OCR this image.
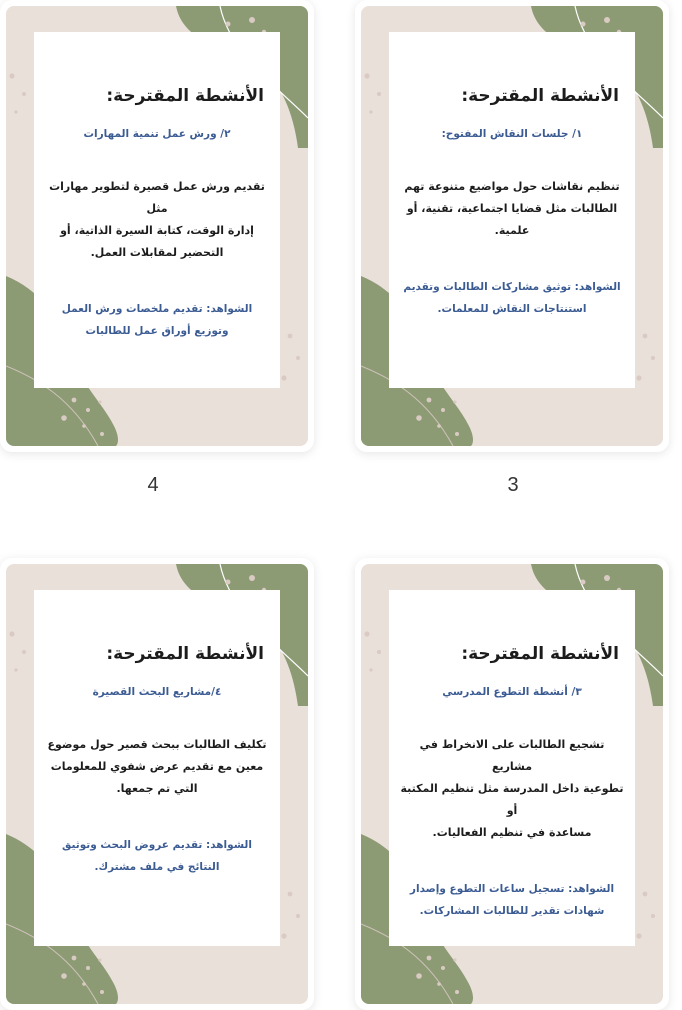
الأنشطة المقترحة:
١/ جلسات النقاش المفتوح:
تنظيم نقاشات حول مواضيع متنوعة تهم
الطالبات مثل قضايا اجتماعية، تقنية، أو
علمية.
الشواهد: توثيق مشاركات الطالبات وتقديم
استنتاجات النقاش للمعلمات.
الأنشطة المقترحة:
٢/ ورش عمل تنمية المهارات
تقديم ورش عمل قصيرة لتطوير مهارات مثل
إدارة الوقت، كتابة السيرة الذاتية، أو
التحضير لمقابلات العمل.
الشواهد: تقديم ملخصات ورش العمل
وتوزيع أوراق عمل للطالبات
4	3
الأنشطة المقترحة:
٣/ أنشطة التطوع المدرسي
تشجيع الطالبات على الانخراط في مشاريع
تطوعية داخل المدرسة مثل تنظيم المكتبة أو
مساعدة في تنظيم الفعاليات.
الشواهد: تسجيل ساعات التطوع وإصدار
شهادات تقدير للطالبات المشاركات.
الأنشطة المقترحة:
٤/مشاريع البحث القصيرة
تكليف الطالبات ببحث قصير حول موضوع
معين مع تقديم عرض شفوي للمعلومات
التي تم جمعها.
الشواهد: تقديم عروض البحث وتوثيق
النتائج في ملف مشترك.
